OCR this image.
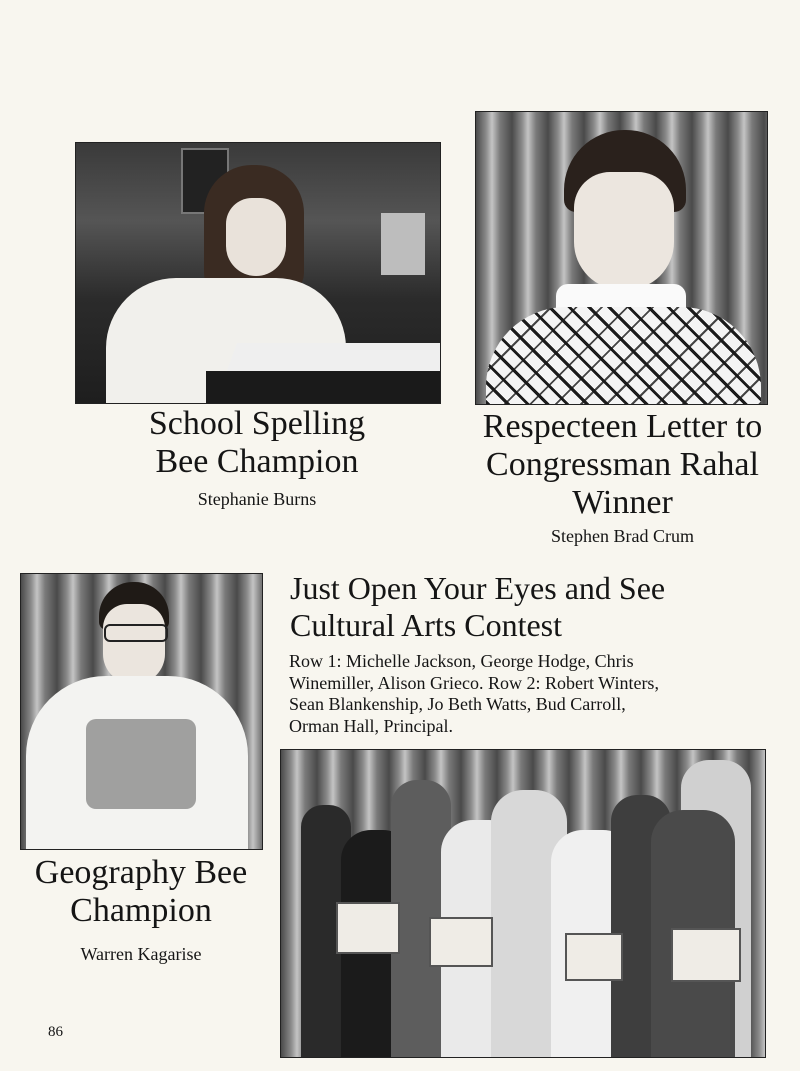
School Spelling
Bee Champion

Stephanie Burns

Respecteen Letter to
Congressman Rahal
Winner

Stephen Brad Crum

Geography Bee
Champion

Warren Kagarise

Just Open Your Eyes and See
Cultural Arts Contest

Row 1: Michelle Jackson, George Hodge, Chris
Winemiller, Alison Grieco. Row 2: Robert Winters,
Sean Blankenship, Jo Beth Watts, Bud Carroll,
Orman Hall, Principal.

86
